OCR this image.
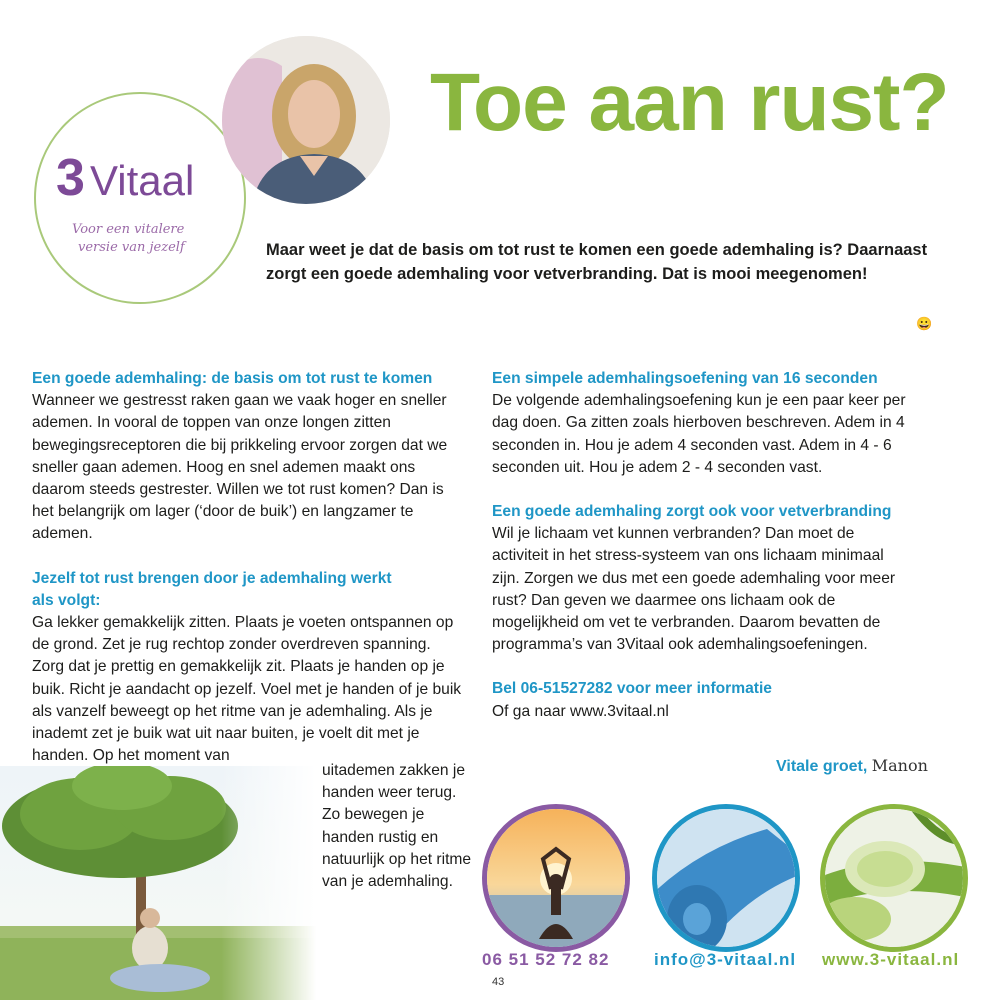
3 Vitaal
Voor een vitalere
versie van jezelf
Toe aan rust?
Maar weet je dat de basis om tot rust te komen een goede ademhaling is? Daarnaast zorgt een goede ademhaling voor vetverbranding. Dat is mooi meegenomen!
😀
Een goede ademhaling: de basis om tot rust te komen

Wanneer we gestresst raken gaan we vaak hoger en sneller ademen. In vooral de toppen van onze longen zitten bewegingsreceptoren die bij prikkeling ervoor zorgen dat we sneller gaan ademen. Hoog en snel ademen maakt ons daarom steeds gestrester. Willen we tot rust komen? Dan is het belangrijk om lager (‘door de buik’) en langzamer te ademen.

Jezelf tot rust brengen door je ademhaling werkt als volgt:

Ga lekker gemakkelijk zitten. Plaats je voeten ontspannen op de grond. Zet je rug rechtop zonder overdreven spanning. Zorg dat je prettig en gemakkelijk zit. Plaats je handen op je buik. Richt je aandacht op jezelf. Voel met je handen of je buik als vanzelf beweegt op het ritme van je ademhaling. Als je inademt zet je buik wat uit naar buiten, je voelt dit met je handen. Op het moment van

uitademen zakken je handen weer terug. Zo bewegen je handen rustig en natuurlijk op het ritme van je ademhaling.
Een simpele ademhalingsoefening van 16 seconden

De volgende ademhalingsoefening kun je een paar keer per dag doen. Ga zitten zoals hierboven beschreven. Adem in 4 seconden in. Hou je adem 4 seconden vast. Adem in 4 - 6 seconden uit. Hou je adem 2 - 4 seconden vast.

Een goede ademhaling zorgt ook voor vetverbranding

Wil je lichaam vet kunnen verbranden? Dan moet de activiteit in het stress-systeem van ons lichaam minimaal zijn. Zorgen we dus met een goede ademhaling voor meer rust? Dan geven we daarmee ons lichaam ook de mogelijkheid om vet te verbranden. Daarom bevatten de programma’s van 3Vitaal ook ademhalingsoefeningen.

Bel 06-51527282 voor meer informatie

Of ga naar www.3vitaal.nl

Vitale groet, Manon
06 51 52 72 82	info@3-vitaal.nl www.3-vitaal.nl
43
